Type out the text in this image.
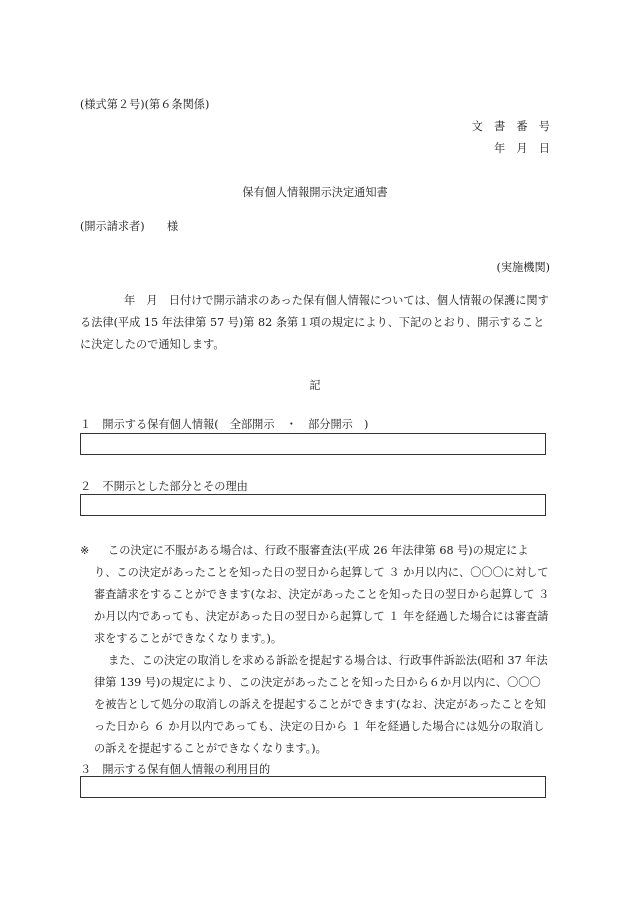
(様式第２号)(第６条関係)
文　書　番　号
年　月　日
保有個人情報開示決定通知書
(開示請求者)　　様
(実施機関)

年　月　日付けで開示請求のあった保有個人情報については、個人情報の保護に関する法律(平成 15 年法律第 57 号)第 82 条第１項の規定により、下記のとおり、開示することに決定したので通知します。

記
１　開示する保有個人情報(　全部開示　・　部分開示　)
２　不開示とした部分とその理由
※	この決定に不服がある場合は、行政不服審査法(平成 26 年法律第 68 号)の規定により、この決定があったことを知った日の翌日から起算して ３ か月以内に、〇〇〇に対して審査請求をすることができます(なお、決定があったことを知った日の翌日から起算して ３ か月以内であっても、決定があった日の翌日から起算して １ 年を経過した場合には審査請求をすることができなくなります。)。

また、この決定の取消しを求める訴訟を提起する場合は、行政事件訴訟法(昭和 37 年法律第 139 号)の規定により、この決定があったことを知った日から６か月以内に、〇〇〇を被告として処分の取消しの訴えを提起することができます(なお、決定があったことを知った日から ６ か月以内であっても、決定の日から １ 年を経過した場合には処分の取消しの訴えを提起することができなくなります。)。

３　開示する保有個人情報の利用目的
